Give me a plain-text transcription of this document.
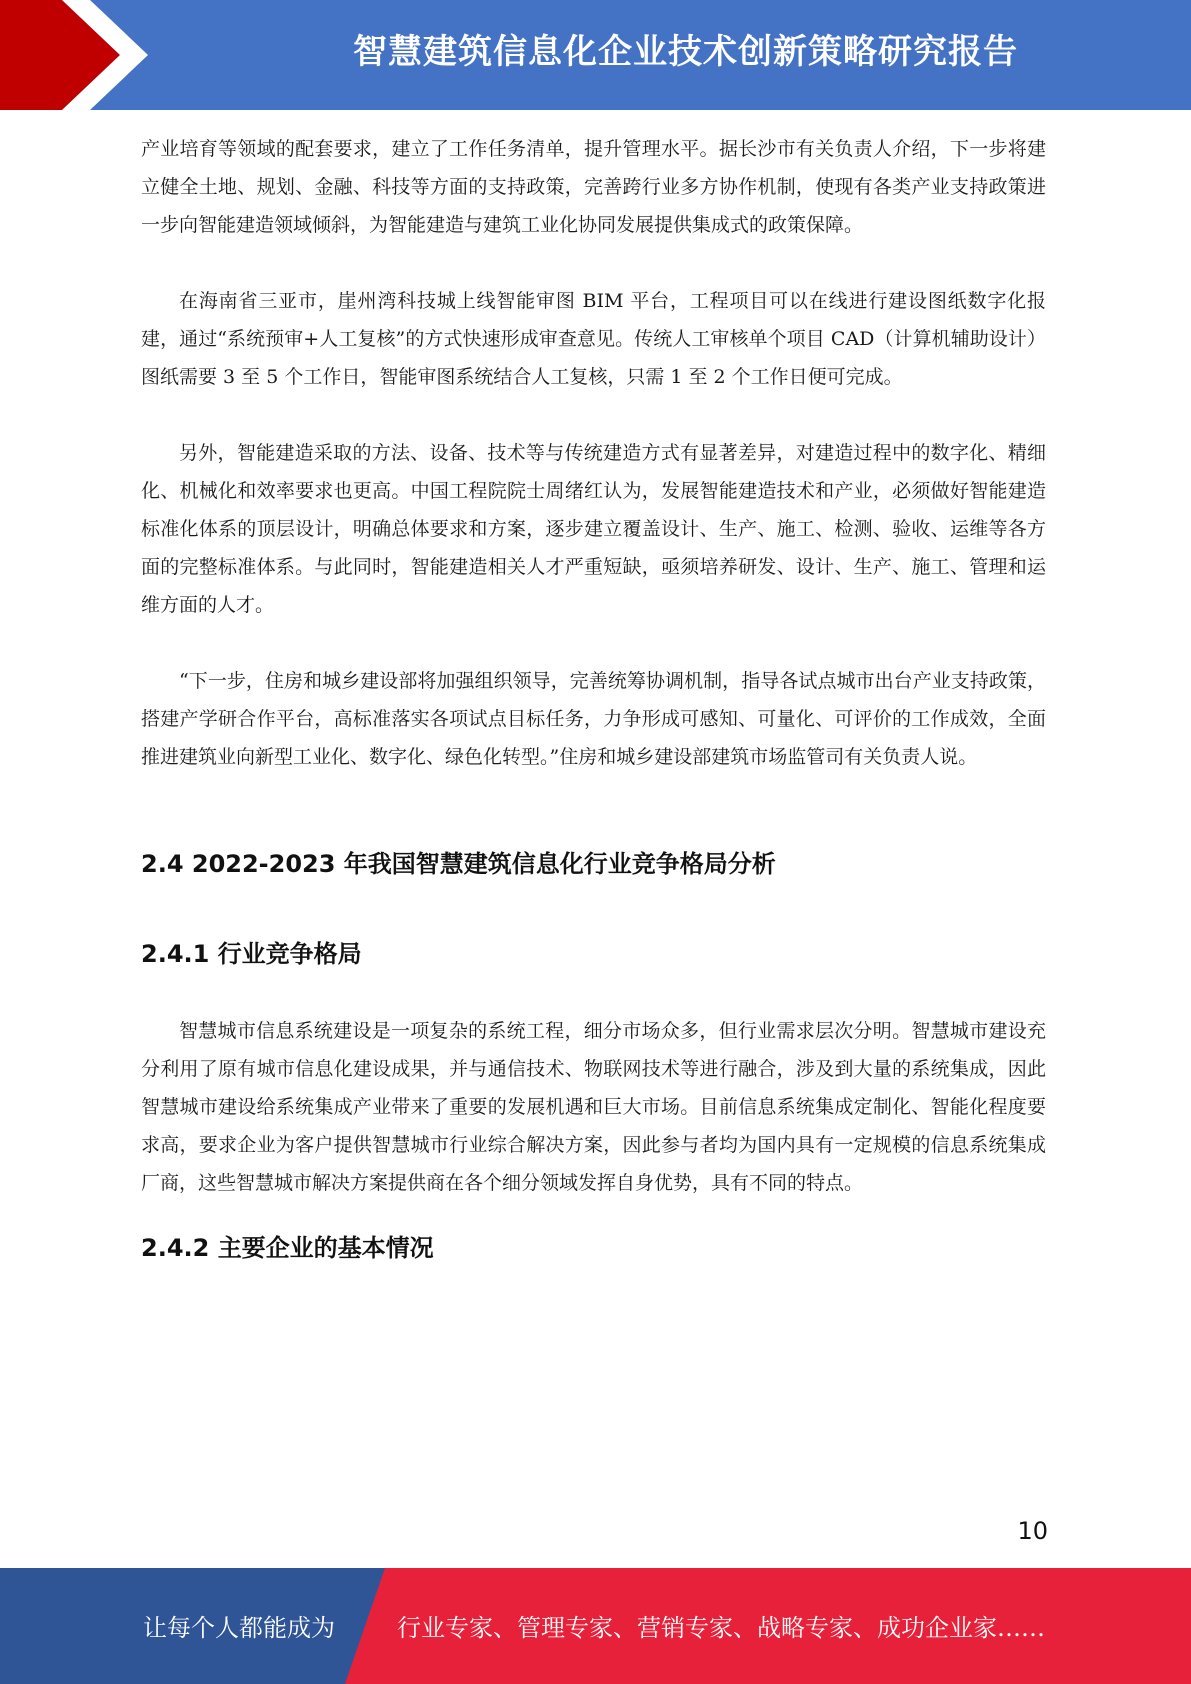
智慧建筑信息化企业技术创新策略研究报告

产业培育等领域的配套要求，建立了工作任务清单，提升管理水平。据长沙市有关负责人介绍，下一步将建立健全土地、规划、金融、科技等方面的支持政策，完善跨行业多方协作机制，使现有各类产业支持政策进一步向智能建造领域倾斜，为智能建造与建筑工业化协同发展提供集成式的政策保障。

在海南省三亚市，崖州湾科技城上线智能审图 BIM 平台，工程项目可以在线进行建设图纸数字化报建，通过“系统预审+人工复核”的方式快速形成审查意见。传统人工审核单个项目 CAD（计算机辅助设计）图纸需要 3 至 5 个工作日，智能审图系统结合人工复核，只需 1 至 2 个工作日便可完成。

另外，智能建造采取的方法、设备、技术等与传统建造方式有显著差异，对建造过程中的数字化、精细化、机械化和效率要求也更高。中国工程院院士周绪红认为，发展智能建造技术和产业，必须做好智能建造标准化体系的顶层设计，明确总体要求和方案，逐步建立覆盖设计、生产、施工、检测、验收、运维等各方面的完整标准体系。与此同时，智能建造相关人才严重短缺，亟须培养研发、设计、生产、施工、管理和运维方面的人才。

“下一步，住房和城乡建设部将加强组织领导，完善统筹协调机制，指导各试点城市出台产业支持政策，搭建产学研合作平台，高标准落实各项试点目标任务，力争形成可感知、可量化、可评价的工作成效，全面推进建筑业向新型工业化、数字化、绿色化转型。”住房和城乡建设部建筑市场监管司有关负责人说。

2.4 2022-2023 年我国智慧建筑信息化行业竞争格局分析
2.4.1 行业竞争格局

智慧城市信息系统建设是一项复杂的系统工程，细分市场众多，但行业需求层次分明。智慧城市建设充分利用了原有城市信息化建设成果，并与通信技术、物联网技术等进行融合，涉及到大量的系统集成，因此智慧城市建设给系统集成产业带来了重要的发展机遇和巨大市场。目前信息系统集成定制化、智能化程度要求高，要求企业为客户提供智慧城市行业综合解决方案，因此参与者均为国内具有一定规模的信息系统集成厂商，这些智慧城市解决方案提供商在各个细分领域发挥自身优势，具有不同的特点。

2.4.2 主要企业的基本情况
10
让每个人都能成为	行业专家、管理专家、营销专家、战略专家、成功企业家……
